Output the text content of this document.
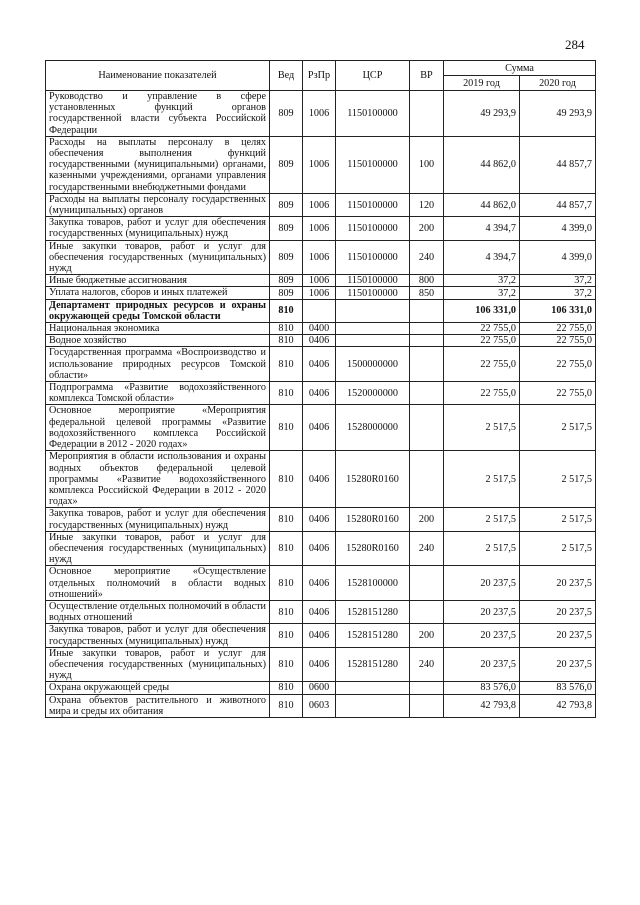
284
Наименование показателей	Вед	РзПр	ЦСР	ВР	Сумма	
					2019 год	2020 год
Руководство и управление в сфере установленных функций органов государственной власти субъекта Российской Федерации	809	1006	1150100000		49 293,9	49 293,9
Расходы на выплаты персоналу в целях обеспечения выполнения функций государственными (муниципальными) органами, казенными учреждениями, органами управления государственными внебюджетными фондами	809	1006	1150100000	100	44 862,0	44 857,7
Расходы на выплаты персоналу государственных (муниципальных) органов	809	1006	1150100000	120	44 862,0	44 857,7
Закупка товаров, работ и услуг для обеспечения государственных (муниципальных) нужд	809	1006	1150100000	200	4 394,7	4 399,0
Иные закупки товаров, работ и услуг для обеспечения государственных (муниципальных) нужд	809	1006	1150100000	240	4 394,7	4 399,0
Иные бюджетные ассигнования	809	1006	1150100000	800	37,2	37,2
Уплата налогов, сборов и иных платежей	809	1006	1150100000	850	37,2	37,2
Департамент природных ресурсов и охраны окружающей среды Томской области	810				106 331,0	106 331,0
Национальная экономика	810	0400			22 755,0	22 755,0
Водное хозяйство	810	0406			22 755,0	22 755,0
Государственная программа «Воспроизводство и использование природных ресурсов Томской области»	810	0406	1500000000		22 755,0	22 755,0
Подпрограмма «Развитие водохозяйственного комплекса Томской области»	810	0406	1520000000		22 755,0	22 755,0
Основное мероприятие «Мероприятия федеральной целевой программы «Развитие водохозяйственного комплекса Российской Федерации в 2012 - 2020 годах»	810	0406	1528000000		2 517,5	2 517,5
Мероприятия в области использования и охраны водных объектов федеральной целевой программы «Развитие водохозяйственного комплекса Российской Федерации в 2012 - 2020 годах»	810	0406	15280R0160		2 517,5	2 517,5
Закупка товаров, работ и услуг для обеспечения государственных (муниципальных) нужд	810	0406	15280R0160	200	2 517,5	2 517,5
Иные закупки товаров, работ и услуг для обеспечения государственных (муниципальных) нужд	810	0406	15280R0160	240	2 517,5	2 517,5
Основное мероприятие «Осуществление отдельных полномочий в области водных отношений»	810	0406	1528100000		20 237,5	20 237,5
Осуществление отдельных полномочий в области водных отношений	810	0406	1528151280		20 237,5	20 237,5
Закупка товаров, работ и услуг для обеспечения государственных (муниципальных) нужд	810	0406	1528151280	200	20 237,5	20 237,5
Иные закупки товаров, работ и услуг для обеспечения государственных (муниципальных) нужд	810	0406	1528151280	240	20 237,5	20 237,5
Охрана окружающей среды	810	0600			83 576,0	83 576,0
Охрана объектов растительного и животного мира и среды их обитания	810	0603			42 793,8	42 793,8
